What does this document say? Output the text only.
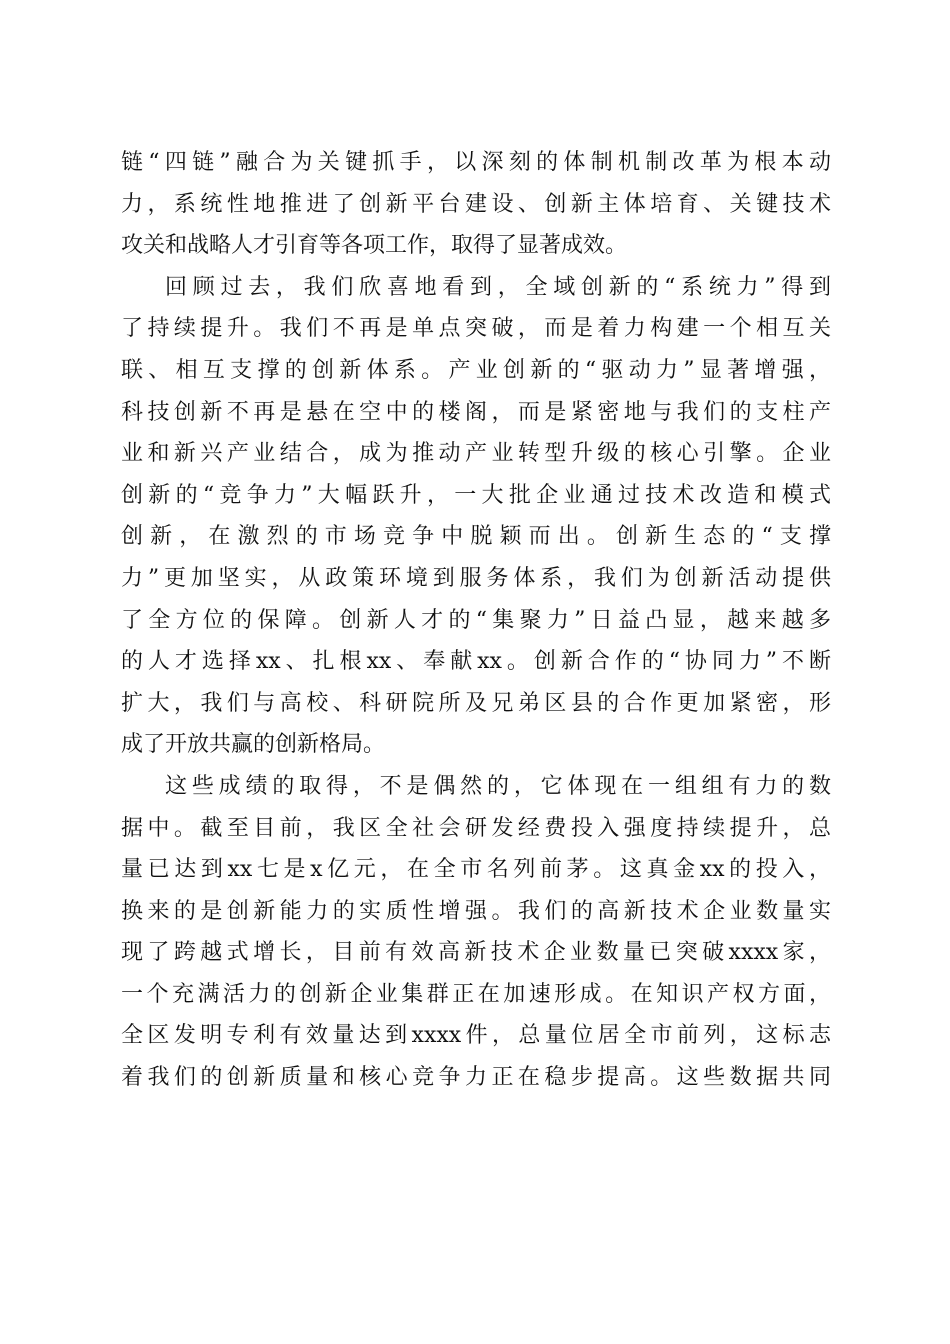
链“四链”融合为关键抓手，以深刻的体制机制改革为根本动
力，系统性地推进了创新平台建设、创新主体培育、关键技术
攻关和战略人才引育等各项工作，取得了显著成效。
回顾过去，我们欣喜地看到，全域创新的“系统力”得到
了持续提升。我们不再是单点突破，而是着力构建一个相互关
联、相互支撑的创新体系。产业创新的“驱动力”显著增强，
科技创新不再是悬在空中的楼阁，而是紧密地与我们的支柱产
业和新兴产业结合，成为推动产业转型升级的核心引擎。企业
创新的“竞争力”大幅跃升，一大批企业通过技术改造和模式
创新，在激烈的市场竞争中脱颖而出。创新生态的“支撑
力”更加坚实，从政策环境到服务体系，我们为创新活动提供
了全方位的保障。创新人才的“集聚力”日益凸显，越来越多
的人才选择xx、扎根xx、奉献xx。创新合作的“协同力”不断
扩大，我们与高校、科研院所及兄弟区县的合作更加紧密，形
成了开放共赢的创新格局。
这些成绩的取得，不是偶然的，它体现在一组组有力的数
据中。截至目前，我区全社会研发经费投入强度持续提升，总
量已达到xx七是x亿元，在全市名列前茅。这真金xx的投入，
换来的是创新能力的实质性增强。我们的高新技术企业数量实
现了跨越式增长，目前有效高新技术企业数量已突破xxxx家，
一个充满活力的创新企业集群正在加速形成。在知识产权方面，
全区发明专利有效量达到xxxx件，总量位居全市前列，这标志
着我们的创新质量和核心竞争力正在稳步提高。这些数据共同
